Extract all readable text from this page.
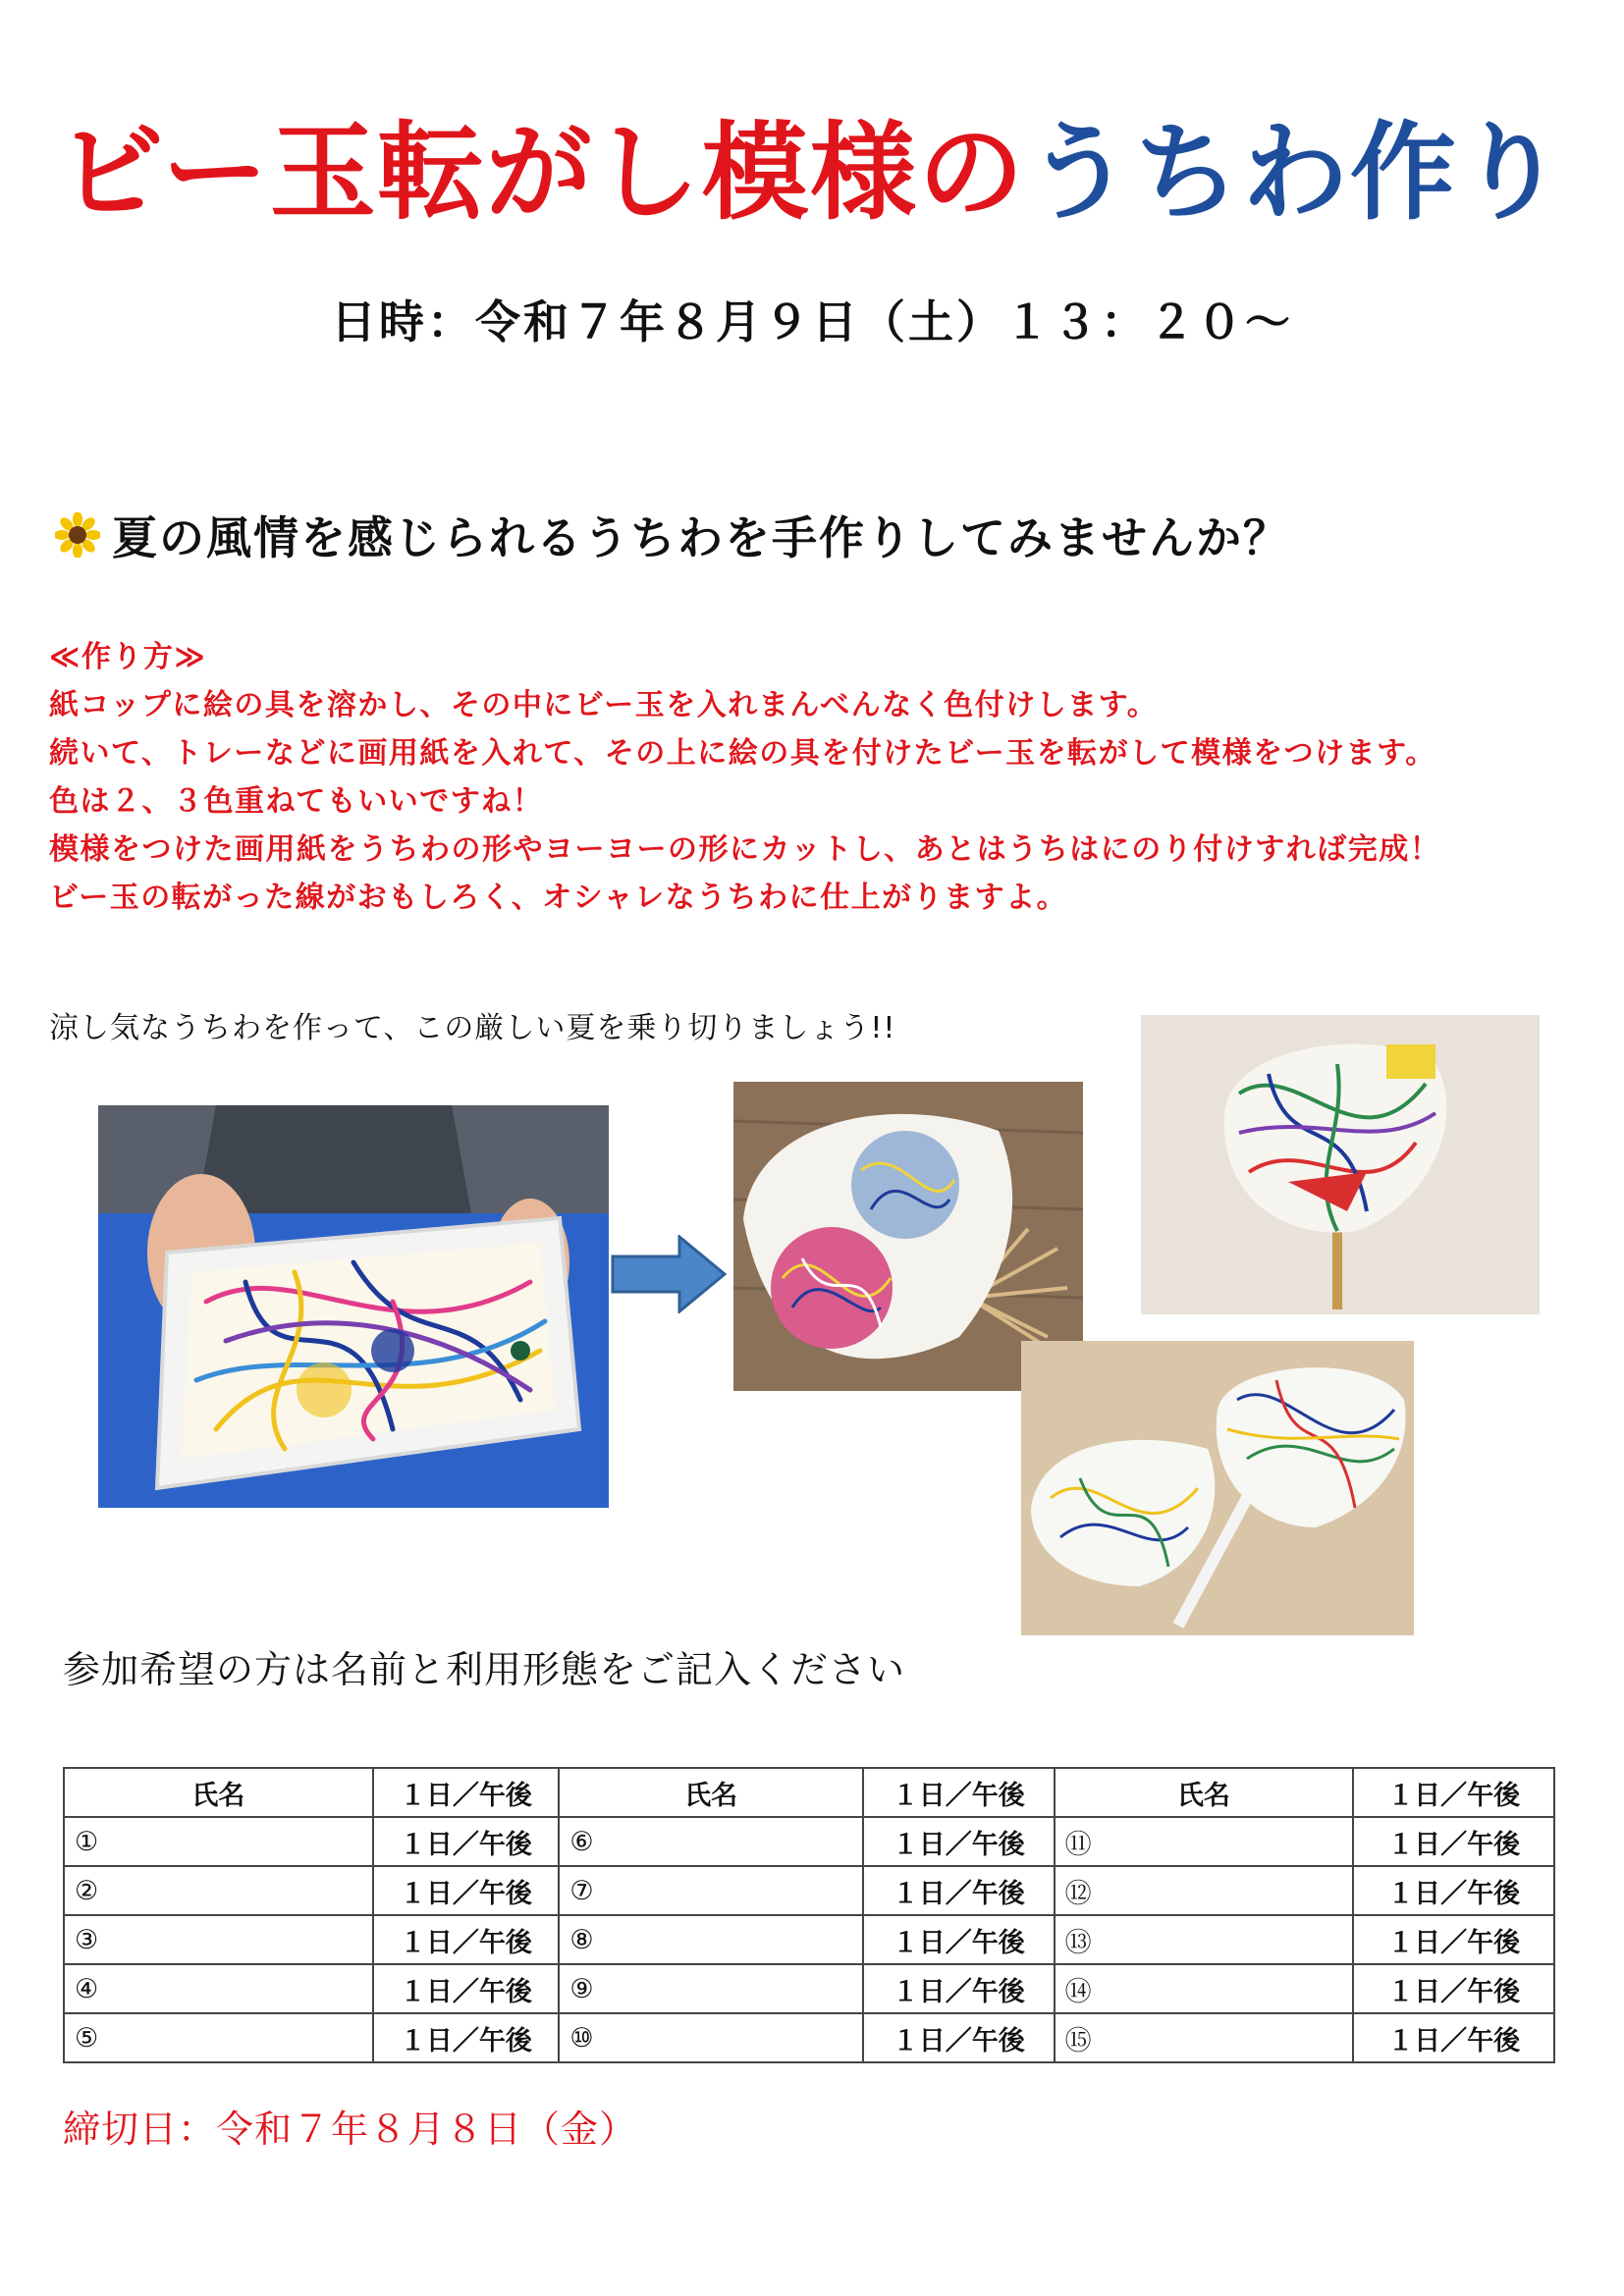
ビー玉転がし模様のうちわ作り
日時：令和７年８月９日（土）１３：２０～
夏の風情を感じられるうちわを手作りしてみませんか？
≪作り方≫
紙コップに絵の具を溶かし、その中にビー玉を入れまんべんなく色付けします。
続いて、トレーなどに画用紙を入れて、その上に絵の具を付けたビー玉を転がして模様をつけます。
色は２、３色重ねてもいいですね！
模様をつけた画用紙をうちわの形やヨーヨーの形にカットし、あとはうちはにのり付けすれば完成！
ビー玉の転がった線がおもしろく、オシャレなうちわに仕上がりますよ。
涼し気なうちわを作って、この厳しい夏を乗り切りましょう!!
参加希望の方は名前と利用形態をご記入ください
氏名	１日／午後	氏名	１日／午後	氏名	１日／午後
①	１日／午後	⑥	１日／午後	⑪	１日／午後
②	１日／午後	⑦	１日／午後	⑫	１日／午後
③	１日／午後	⑧	１日／午後	⑬	１日／午後
④	１日／午後	⑨	１日／午後	⑭	１日／午後
⑤	１日／午後	⑩	１日／午後	⑮	１日／午後
締切日：令和７年８月８日（金）
